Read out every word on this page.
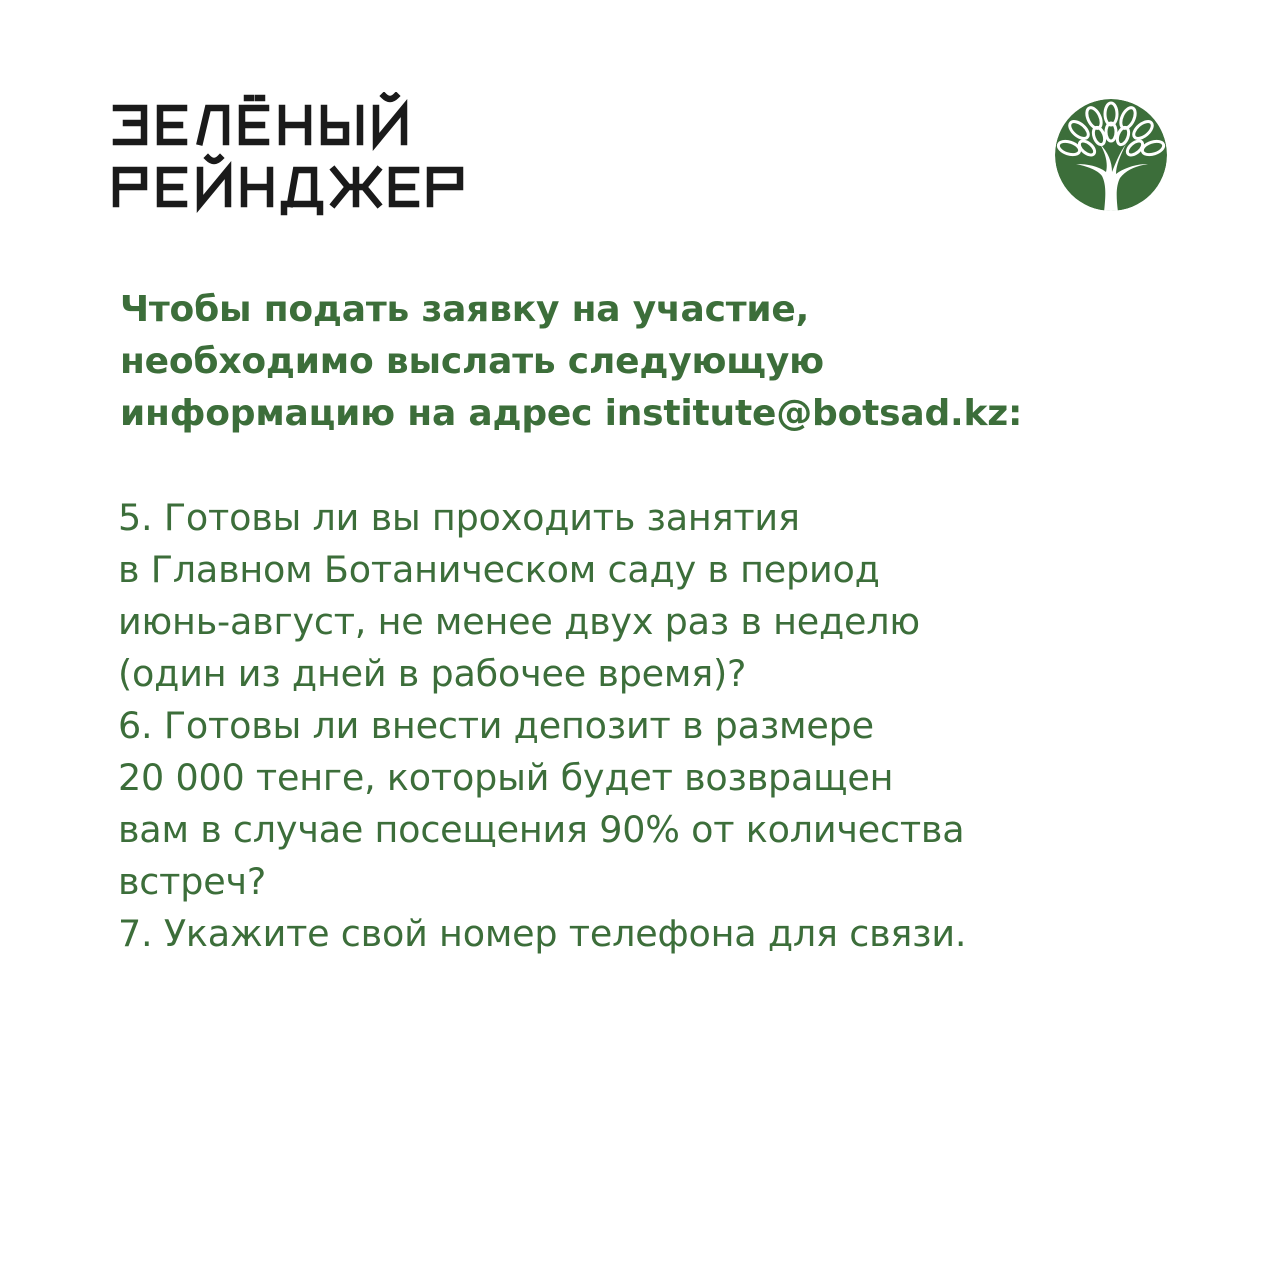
Чтобы подать заявку на участие,
необходимо выслать следующую
информацию на адрес institute@botsad.kz:

5. Готовы ли вы проходить занятия
в Главном Ботаническом саду в период
июнь-август, не менее двух раз в неделю
(один из дней в рабочее время)?
6. Готовы ли внести депозит в размере
20 000 тенге, который будет возвращен
вам в случае посещения 90% от количества
встреч?
7. Укажите свой номер телефона для связи.
